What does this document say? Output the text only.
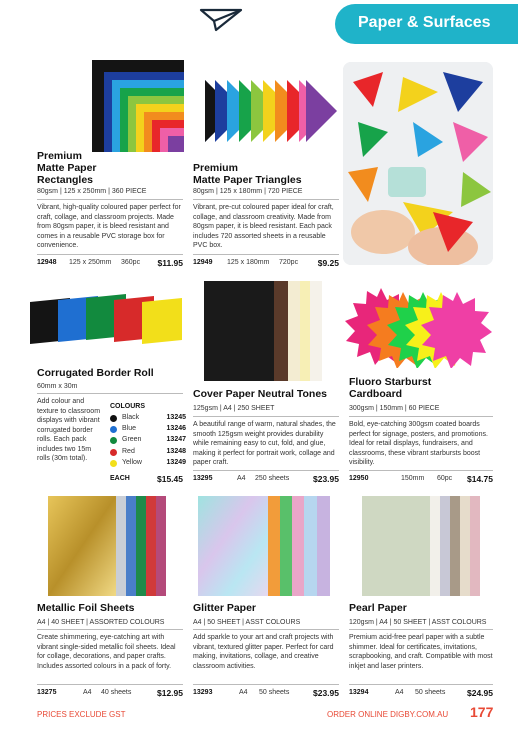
Paper & Surfaces
Premium
Matte Paper
Rectangles
80gsm | 125 x 250mm | 360 PIECE
Vibrant, high-quality coloured paper perfect for craft, collage, and classroom projects. Made from 80gsm paper, it is bleed resistant and comes in a reusable PVC storage box for convenience.
12948 125 x 250mm 360pc $11.95
Premium
Matte Paper Triangles
80gsm | 125 x 180mm | 720 PIECE
Vibrant, pre-cut coloured paper ideal for craft, collage, and classroom creativity. Made from 80gsm paper, it is bleed resistant. Each pack includes 720 assorted sheets in a reusable PVC box.
12949 125 x 180mm 720pc $9.25
Corrugated Border Roll
60mm x 30m
Add colour and texture to classroom displays with vibrant corrugated border rolls. Each pack includes two 15m rolls (30m total).
COLOURS
Black	13245
Blue	13246
Green	13247
Red	13248
Yellow	13249
EACH	$15.45
Cover Paper Neutral Tones
125gsm | A4 | 250 SHEET
A beautiful range of warm, natural shades, the smooth 125gsm weight provides durability while remaining easy to cut, fold, and glue, making it perfect for portrait work, collage and paper craft.
13295	A4 250 sheets	$23.95
Fluoro Starburst
Cardboard
300gsm | 150mm | 60 PIECE
Bold, eye-catching 300gsm coated boards perfect for signage, posters, and promotions. Ideal for retail displays, fundraisers, and classrooms, these vibrant starbursts boost visibility.
12950	150mm 60pc $14.75
Metallic Foil Sheets
A4 | 40 SHEET | ASSORTED COLOURS
Create shimmering, eye-catching art with vibrant single-sided metallic foil sheets. Ideal for collage, decorations, and paper crafts. Includes assorted colours in a pack of forty.
13275	A4 40 sheets	$12.95
Glitter Paper
A4 | 50 SHEET | ASST COLOURS
Add sparkle to your art and craft projects with vibrant, textured glitter paper. Perfect for card making, invitations, collage, and creative classroom activities.
13293	A4 50 sheets	$23.95
Pearl Paper
120gsm | A4 | 50 SHEET | ASST COLOURS
Premium acid-free pearl paper with a subtle shimmer. Ideal for certificates, invitations, scrapbooking, and craft. Compatible with most inkjet and laser printers.
13294	A4 50 sheets	$24.95
PRICES EXCLUDE GST	ORDER ONLINE DIGBY.COM.AU 177
